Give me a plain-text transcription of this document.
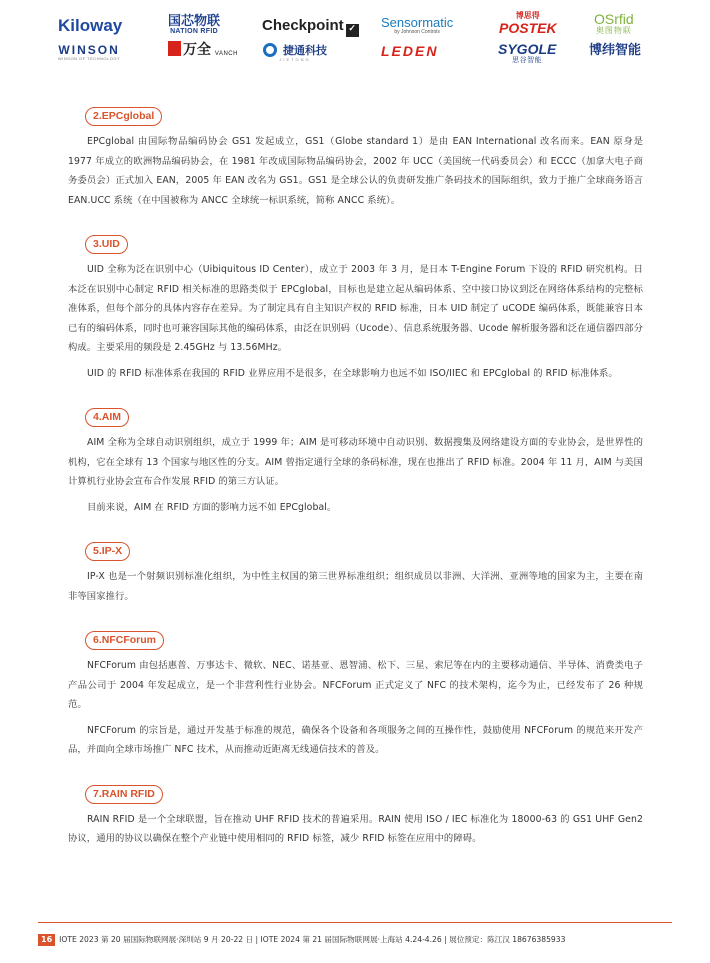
Kiloway	国芯物联
NATION RFID	Checkpoint ✓ Sensormatic
by Johnson Controls
博思得
POSTEK
OSrfid
奥图物联
WINSON
WINSON OF TECHNOLOGY
万全 VANCH	捷通科技
JIETONG
LEDEN	SYGOLE
思谷智能
博纬智能
2.EPCglobal

EPCglobal 由国际物品编码协会 GS1 发起成立，GS1（Globe standard 1）是由 EAN International 改名而来。EAN 原身是 1977 年成立的欧洲物品编码协会，在 1981 年改成国际物品编码协会，2002 年 UCC（美国统一代码委员会）和 ECCC（加拿大电子商务委员会）正式加入 EAN，2005 年 EAN 改名为 GS1。GS1 是全球公认的负责研发推广条码技术的国际组织，致力于推广全球商务语言 EAN.UCC 系统（在中国被称为 ANCC 全球统一标识系统，简称 ANCC 系统）。

3.UID

UID 全称为泛在识别中心（Uibiquitous ID Center），成立于 2003 年 3 月，是日本 T-Engine Forum 下设的 RFID 研究机构。日本泛在识别中心制定 RFID 相关标准的思路类似于 EPCglobal，目标也是建立起从编码体系、空中接口协议到泛在网络体系结构的完整标准体系，但每个部分的具体内容存在差异。为了制定具有自主知识产权的 RFID 标准，日本 UID 制定了 uCODE 编码体系，既能兼容日本已有的编码体系，同时也可兼容国际其他的编码体系，由泛在识别码（Ucode）、信息系统服务器、Ucode 解析服务器和泛在通信器四部分构成。主要采用的频段是 2.45GHz 与 13.56MHz。

UID 的 RFID 标准体系在我国的 RFID 业界应用不是很多，在全球影响力也远不如 ISO/IIEC 和 EPCglobal 的 RFID 标准体系。

4.AIM

AIM 全称为全球自动识别组织，成立于 1999 年；AIM 是可移动环境中自动识别、数据搜集及网络建设方面的专业协会，是世界性的机构，它在全球有 13 个国家与地区性的分支。AIM 曾指定通行全球的条码标准，现在也推出了 RFID 标准。2004 年 11 月，AIM 与美国计算机行业协会宣布合作发展 RFID 的第三方认证。

目前来说，AIM 在 RFID 方面的影响力远不如 EPCglobal。

5.IP-X

IP-X 也是一个射频识别标准化组织，为中性主权国的第三世界标准组织；组织成员以非洲、大洋洲、亚洲等地的国家为主，主要在南非等国家推行。

6.NFCForum

NFCForum 由包括惠普、万事达卡、微软、NEC、诺基亚、恩智浦、松下、三星、索尼等在内的主要移动通信、半导体、消费类电子产品公司于 2004 年发起成立，是一个非营利性行业协会。NFCForum 正式定义了 NFC 的技术架构，迄今为止，已经发布了 26 种规范。

NFCForum 的宗旨是，通过开发基于标准的规范，确保各个设备和各项服务之间的互操作性，鼓励使用 NFCForum 的规范来开发产品，并面向全球市场推广 NFC 技术，从而推动近距离无线通信技术的普及。

7.RAIN RFID

RAIN RFID 是一个全球联盟，旨在推动 UHF RFID 技术的普遍采用。RAIN 使用 ISO / IEC 标准化为 18000-63 的 GS1 UHF Gen2 协议，通用的协议以确保在整个产业链中使用相同的 RFID 标签，减少 RFID 标签在应用中的障碍。

16 IOTE 2023 第 20 届国际物联网展·深圳站 9 月 20-22 日 | IOTE 2024 第 21 届国际物联网展·上海站 4.24-4.26 | 展位预定：陈江汉 18676385933
